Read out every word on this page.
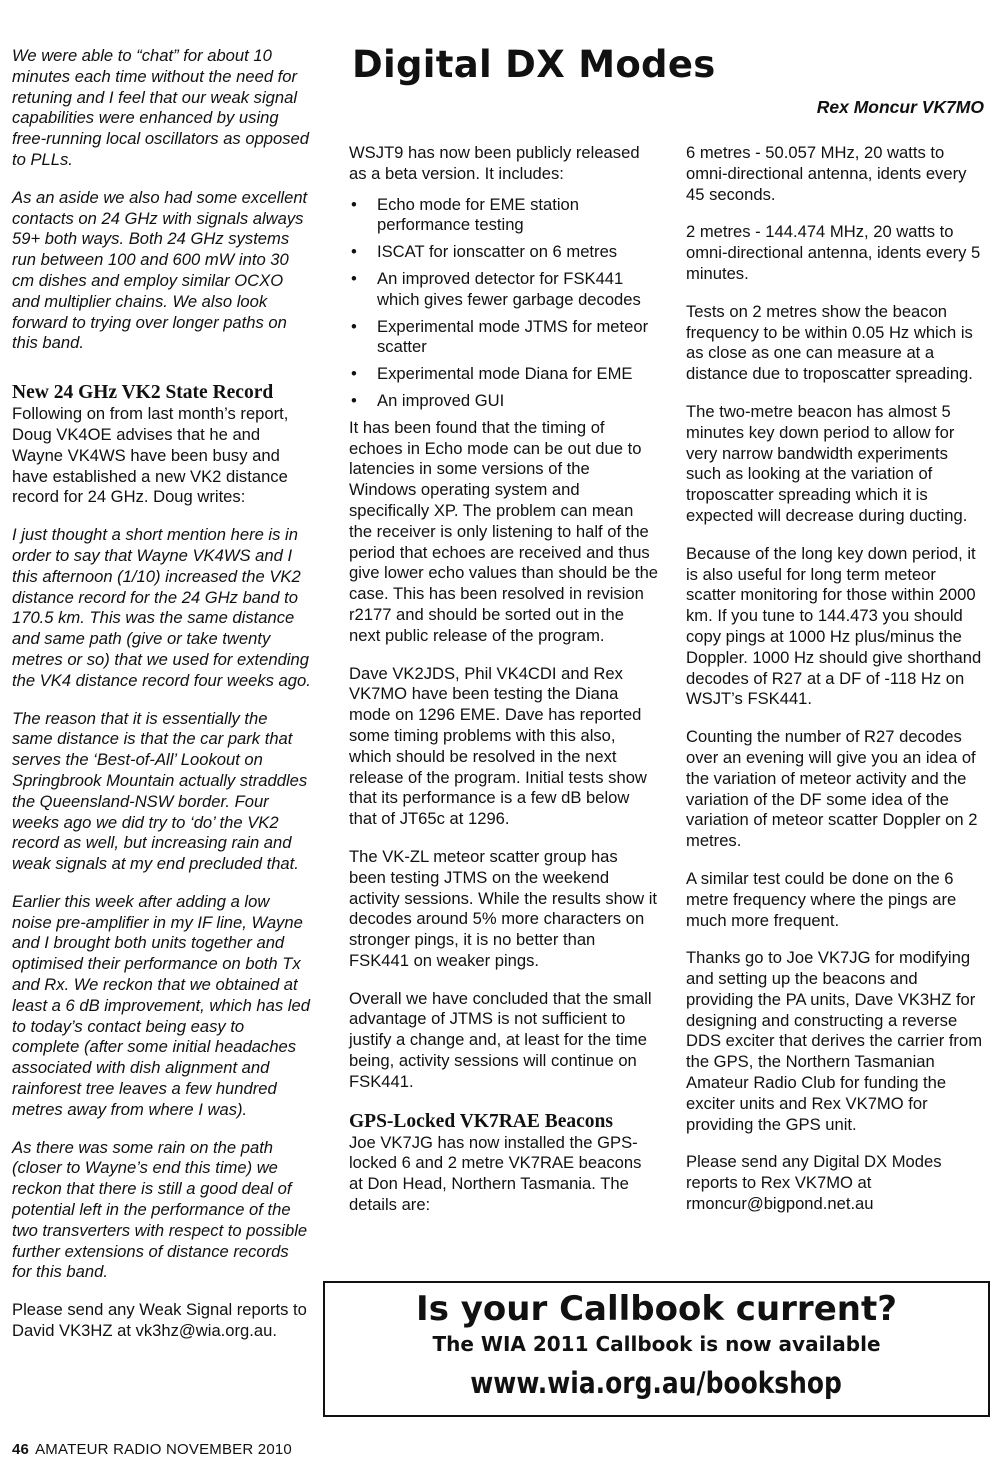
We were able to “chat” for about 10 minutes each time without the need for retuning and I feel that our weak signal capabilities were enhanced by using free-running local oscillators as opposed to PLLs.

As an aside we also had some excellent contacts on 24 GHz with signals always 59+ both ways. Both 24 GHz systems run between 100 and 600 mW into 30 cm dishes and employ similar OCXO and multiplier chains. We also look forward to trying over longer paths on this band.

New 24 GHz VK2 State Record

Following on from last month’s report, Doug VK4OE advises that he and Wayne VK4WS have been busy and have established a new VK2 distance record for 24 GHz. Doug writes:

I just thought a short mention here is in order to say that Wayne VK4WS and I this afternoon (1/10) increased the VK2 distance record for the 24 GHz band to 170.5 km. This was the same distance and same path (give or take twenty metres or so) that we used for extending the VK4 distance record four weeks ago.

The reason that it is essentially the same distance is that the car park that serves the ‘Best-of-All’ Lookout on Springbrook Mountain actually straddles the Queensland-NSW border. Four weeks ago we did try to ‘do’ the VK2 record as well, but increasing rain and weak signals at my end precluded that.

Earlier this week after adding a low noise pre-amplifier in my IF line, Wayne and I brought both units together and optimised their performance on both Tx and Rx. We reckon that we obtained at least a 6 dB improvement, which has led to today’s contact being easy to complete (after some initial headaches associated with dish alignment and rainforest tree leaves a few hundred metres away from where I was).

As there was some rain on the path (closer to Wayne’s end this time) we reckon that there is still a good deal of potential left in the performance of the two transverters with respect to possible further extensions of distance records for this band.

Please send any Weak Signal reports to David VK3HZ at vk3hz@wia.org.au.

Digital DX Modes

Rex Moncur VK7MO

WSJT9 has now been publicly released as a beta version. It includes:

• Echo mode for EME station performance testing
• ISCAT for ionscatter on 6 metres
• An improved detector for FSK441 which gives fewer garbage decodes
• Experimental mode JTMS for meteor scatter
• Experimental mode Diana for EME
• An improved GUI

It has been found that the timing of echoes in Echo mode can be out due to latencies in some versions of the Windows operating system and specifically XP. The problem can mean the receiver is only listening to half of the period that echoes are received and thus give lower echo values than should be the case. This has been resolved in revision r2177 and should be sorted out in the next public release of the program.

Dave VK2JDS, Phil VK4CDI and Rex VK7MO have been testing the Diana mode on 1296 EME. Dave has reported some timing problems with this also, which should be resolved in the next release of the program. Initial tests show that its performance is a few dB below that of JT65c at 1296.

The VK-ZL meteor scatter group has been testing JTMS on the weekend activity sessions. While the results show it decodes around 5% more characters on stronger pings, it is no better than FSK441 on weaker pings.

Overall we have concluded that the small advantage of JTMS is not sufficient to justify a change and, at least for the time being, activity sessions will continue on FSK441.

GPS-Locked VK7RAE Beacons

Joe VK7JG has now installed the GPS-locked 6 and 2 metre VK7RAE beacons at Don Head, Northern Tasmania. The details are:

6 metres - 50.057 MHz, 20 watts to omni-directional antenna, idents every 45 seconds.

2 metres - 144.474 MHz, 20 watts to omni-directional antenna, idents every 5 minutes.

Tests on 2 metres show the beacon frequency to be within 0.05 Hz which is as close as one can measure at a distance due to troposcatter spreading.

The two-metre beacon has almost 5 minutes key down period to allow for very narrow bandwidth experiments such as looking at the variation of troposcatter spreading which it is expected will decrease during ducting.

Because of the long key down period, it is also useful for long term meteor scatter monitoring for those within 2000 km. If you tune to 144.473 you should copy pings at 1000 Hz plus/minus the Doppler. 1000 Hz should give shorthand decodes of R27 at a DF of -118 Hz on WSJT’s FSK441.

Counting the number of R27 decodes over an evening will give you an idea of the variation of meteor activity and the variation of the DF some idea of the variation of meteor scatter Doppler on 2 metres.

A similar test could be done on the 6 metre frequency where the pings are much more frequent.

Thanks go to Joe VK7JG for modifying and setting up the beacons and providing the PA units, Dave VK3HZ for designing and constructing a reverse DDS exciter that derives the carrier from the GPS, the Northern Tasmanian Amateur Radio Club for funding the exciter units and Rex VK7MO for providing the GPS unit.

Please send any Digital DX Modes reports to Rex VK7MO at rmoncur@bigpond.net.au

Is your Callbook current?

The WIA 2011 Callbook is now available

www.wia.org.au/bookshop
46 AMATEUR RADIO NOVEMBER 2010
